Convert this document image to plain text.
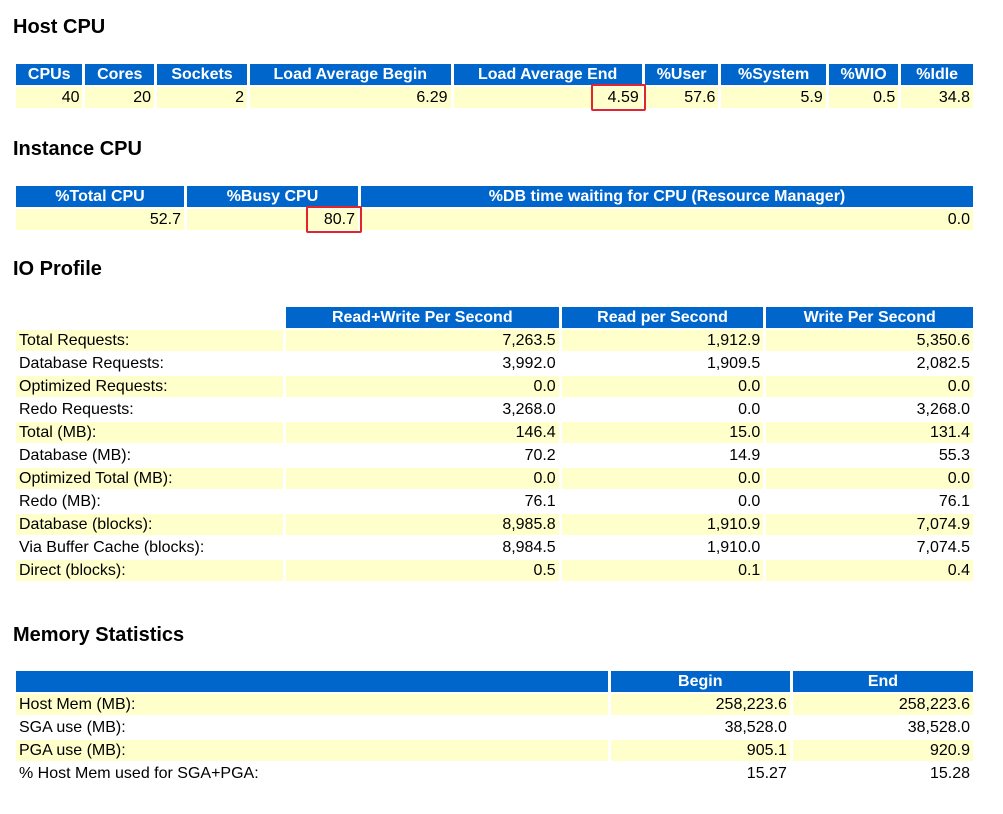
Host CPU
CPUs	Cores	Sockets	Load Average Begin	Load Average End	%User	%System	%WIO	%Idle
40	20	2	6.29	4.59	57.6	5.9	0.5	34.8
Instance CPU
%Total CPU	%Busy CPU	%DB time waiting for CPU (Resource Manager)
52.7	80.7	0.0
IO Profile
	Read+Write Per Second	Read per Second	Write Per Second
Total Requests:	7,263.5	1,912.9	5,350.6
Database Requests:	3,992.0	1,909.5	2,082.5
Optimized Requests:	0.0	0.0	0.0
Redo Requests:	3,268.0	0.0	3,268.0
Total (MB):	146.4	15.0	131.4
Database (MB):	70.2	14.9	55.3
Optimized Total (MB):	0.0	0.0	0.0
Redo (MB):	76.1	0.0	76.1
Database (blocks):	8,985.8	1,910.9	7,074.9
Via Buffer Cache (blocks):	8,984.5	1,910.0	7,074.5
Direct (blocks):	0.5	0.1	0.4
Memory Statistics
	Begin	End
Host Mem (MB):	258,223.6	258,223.6
SGA use (MB):	38,528.0	38,528.0
PGA use (MB):	905.1	920.9
% Host Mem used for SGA+PGA:	15.27	15.28
